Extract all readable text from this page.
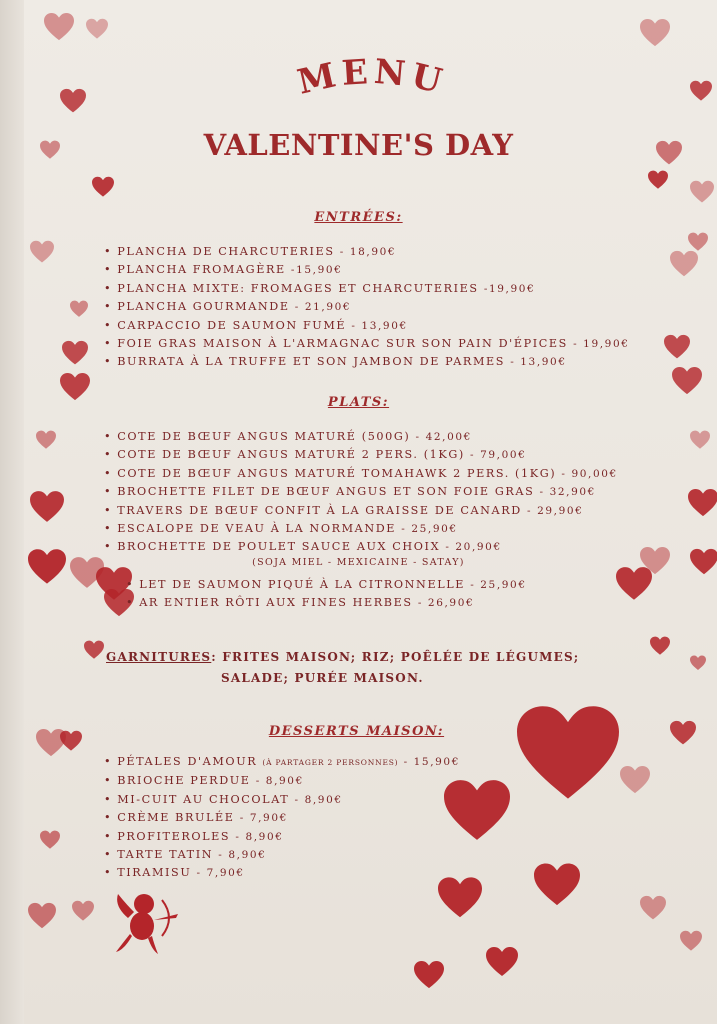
MENU
VALENTINE'S DAY
ENTRÉES:
• PLANCHA DE CHARCUTERIES - 18,90€
• PLANCHA FROMAGÈRE -15,90€
• PLANCHA MIXTE: FROMAGES ET CHARCUTERIES -19,90€
• PLANCHA GOURMANDE - 21,90€
• CARPACCIO DE SAUMON FUMÉ - 13,90€
• FOIE GRAS MAISON À L'ARMAGNAC SUR SON PAIN D'ÉPICES - 19,90€
• BURRATA À LA TRUFFE ET SON JAMBON DE PARMES - 13,90€
PLATS:
• COTE DE BŒUF ANGUS MATURÉ (500G) - 42,00€
• COTE DE BŒUF ANGUS MATURÉ 2 PERS. (1KG) - 79,00€
• COTE DE BŒUF ANGUS MATURÉ TOMAHAWK 2 PERS. (1KG) - 90,00€
• BROCHETTE FILET DE BŒUF ANGUS ET SON FOIE GRAS - 32,90€
• TRAVERS DE BŒUF CONFIT À LA GRAISSE DE CANARD - 29,90€
• ESCALOPE DE VEAU À LA NORMANDE - 25,90€
• BROCHETTE DE POULET SAUCE AUX CHOIX - 20,90€
(SOJA MIEL - MEXICAINE - SATAY)
• LET DE SAUMON PIQUÉ À LA CITRONNELLE - 25,90€
• AR ENTIER RÔTI AUX FINES HERBES - 26,90€
GARNITURES: FRITES MAISON; RIZ; POÊLÉE DE LÉGUMES;
SALADE; PURÉE MAISON.
DESSERTS MAISON:
• PÉTALES D'AMOUR (À PARTAGER 2 PERSONNES) - 15,90€
• BRIOCHE PERDUE - 8,90€
• MI-CUIT AU CHOCOLAT - 8,90€
• CRÈME BRULÉE - 7,90€
• PROFITEROLES - 8,90€
• TARTE TATIN - 8,90€
• TIRAMISU - 7,90€
